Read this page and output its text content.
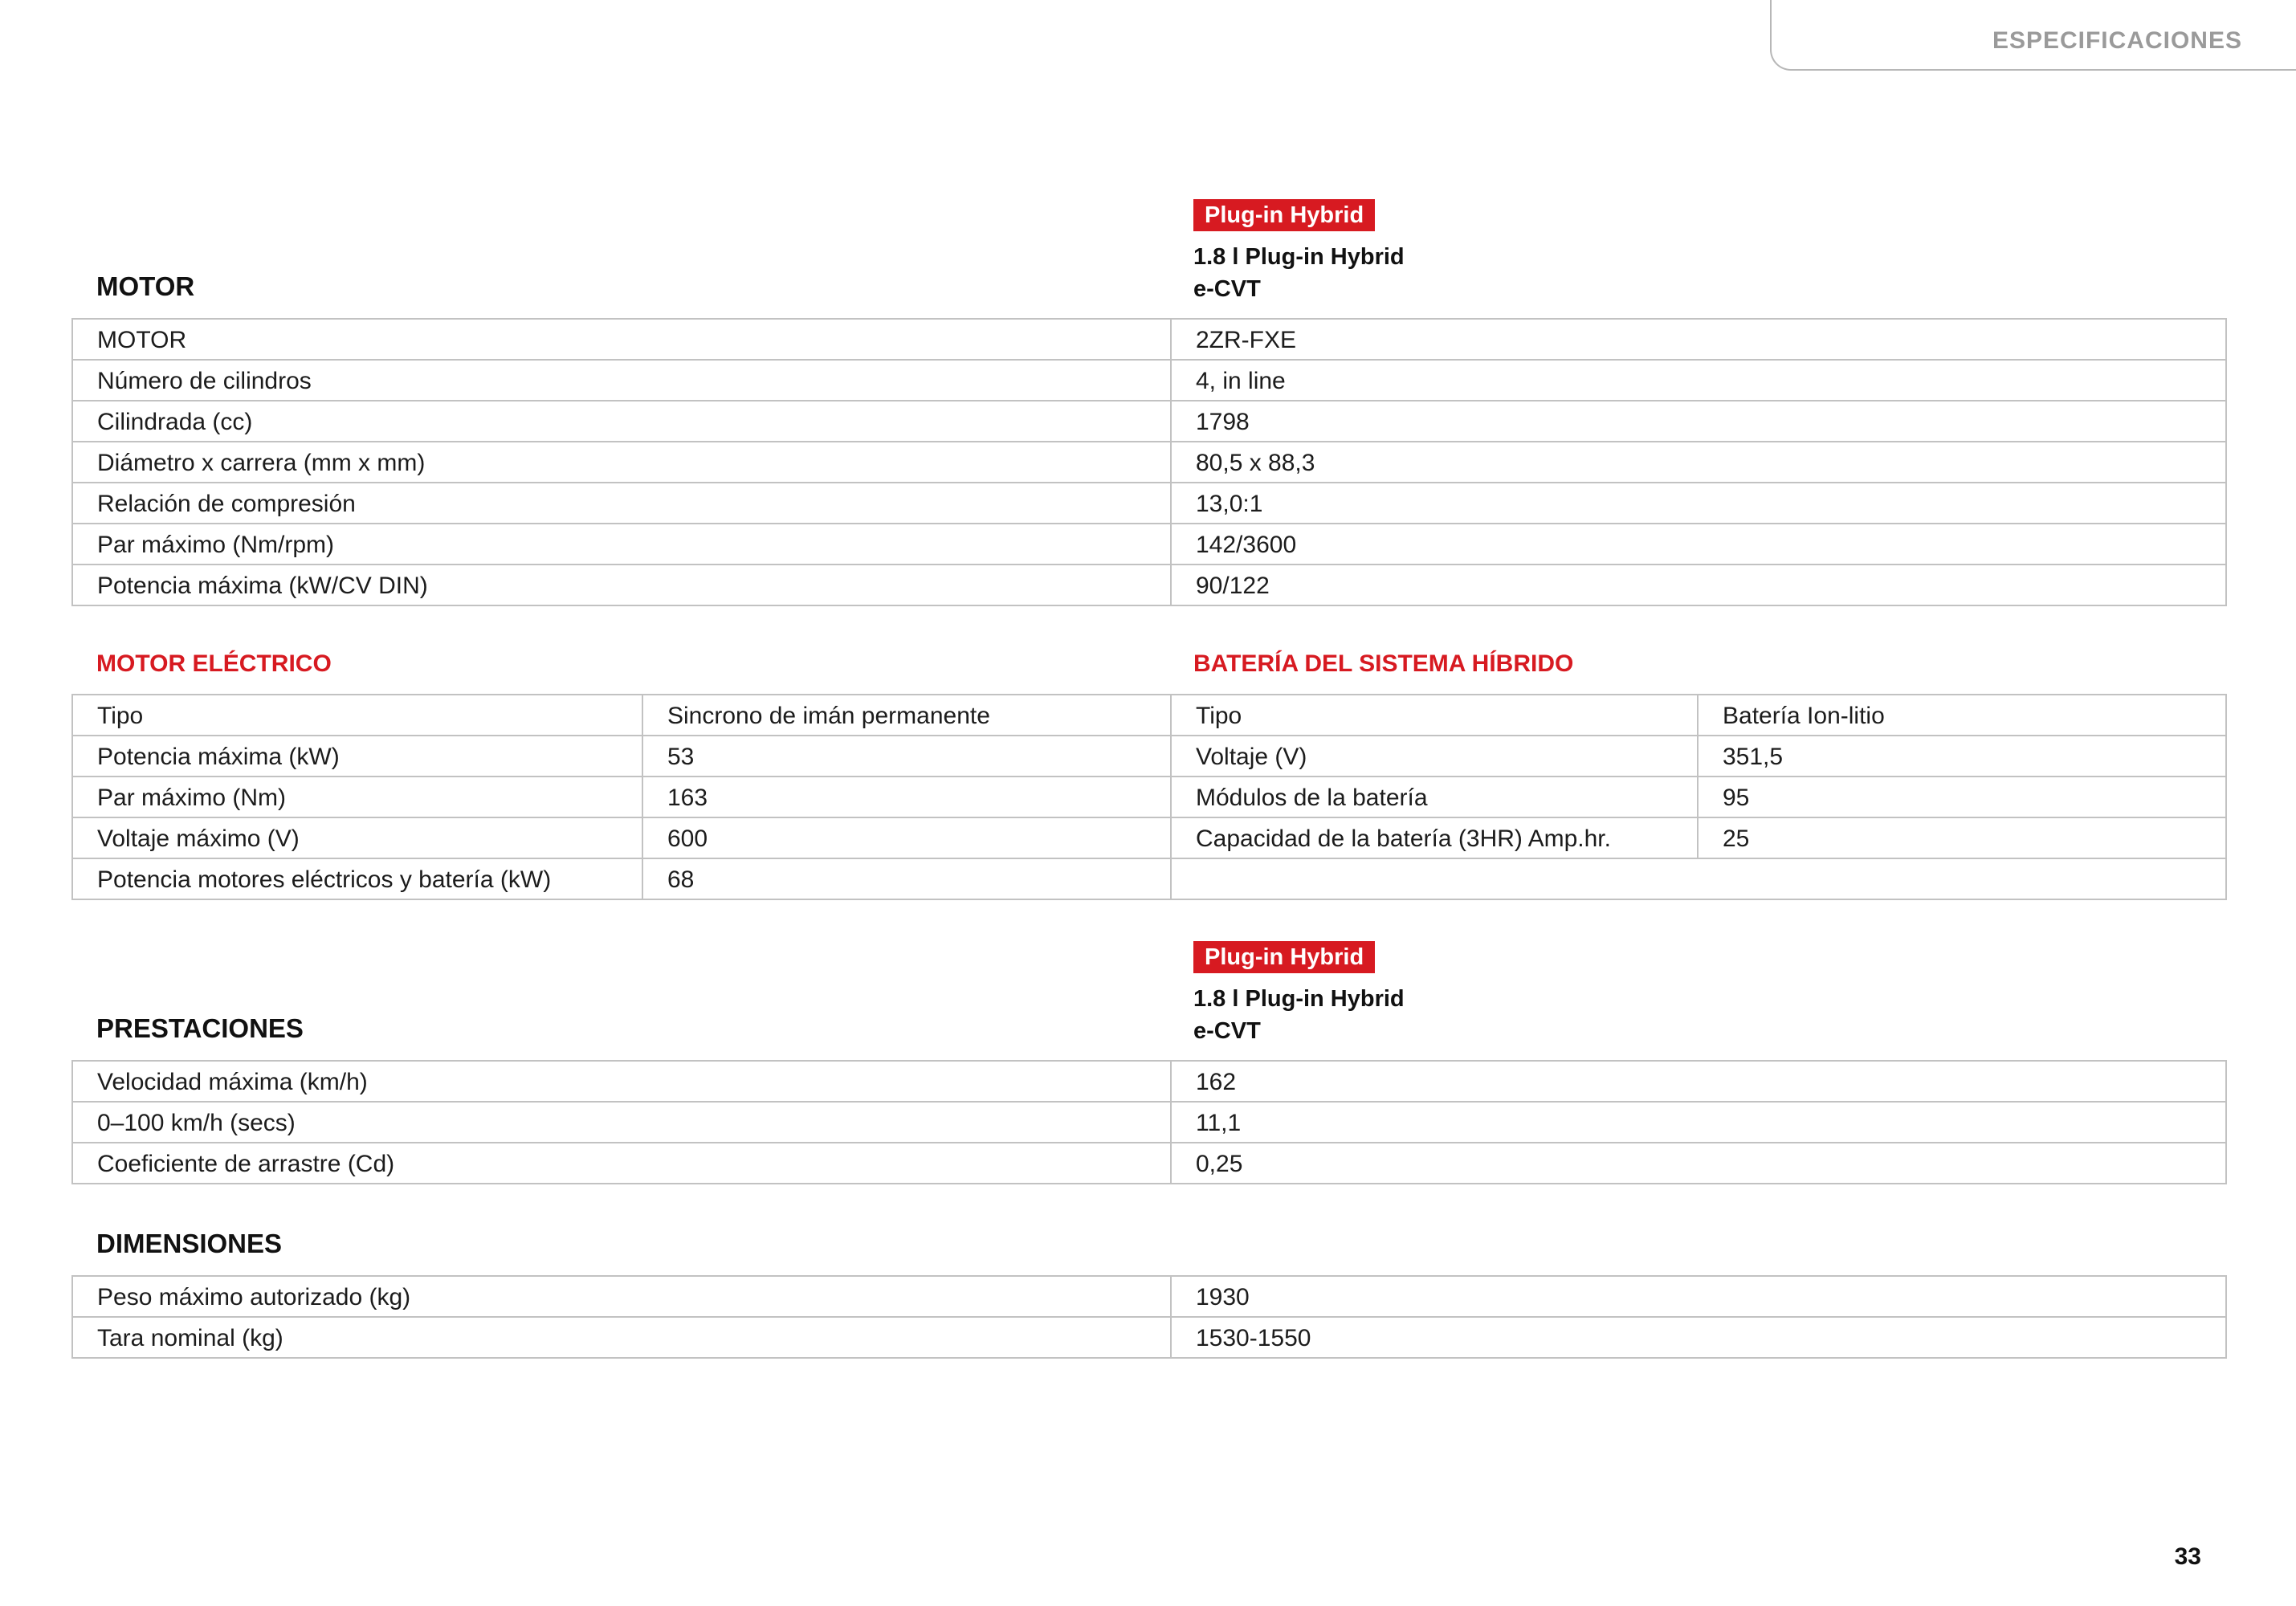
ESPECIFICACIONES
Plug-in Hybrid
1.8 l Plug-in Hybrid
e-CVT
MOTOR
MOTOR	2ZR-FXE
Número de cilindros	4, in line
Cilindrada (cc)	1798
Diámetro x carrera (mm x mm)	80,5 x 88,3
Relación de compresión	13,0:1
Par máximo (Nm/rpm)	142/3600
Potencia máxima (kW/CV DIN)	90/122
MOTOR ELÉCTRICO	BATERÍA DEL SISTEMA HÍBRIDO
Tipo	Sincrono de imán permanente	Tipo	Batería Ion-litio
Potencia máxima (kW)	53	Voltaje (V)	351,5
Par máximo (Nm)	163	Módulos de la batería	95
Voltaje máximo (V)	600	Capacidad de la batería (3HR) Amp.hr.	25
Potencia motores eléctricos y batería (kW)	68		
Plug-in Hybrid
1.8 l Plug-in Hybrid
e-CVT
PRESTACIONES
Velocidad máxima (km/h)	162
0–100 km/h (secs)	11,1
Coeficiente de arrastre (Cd)	0,25
DIMENSIONES
Peso máximo autorizado (kg)	1930
Tara nominal (kg)	1530-1550
33
